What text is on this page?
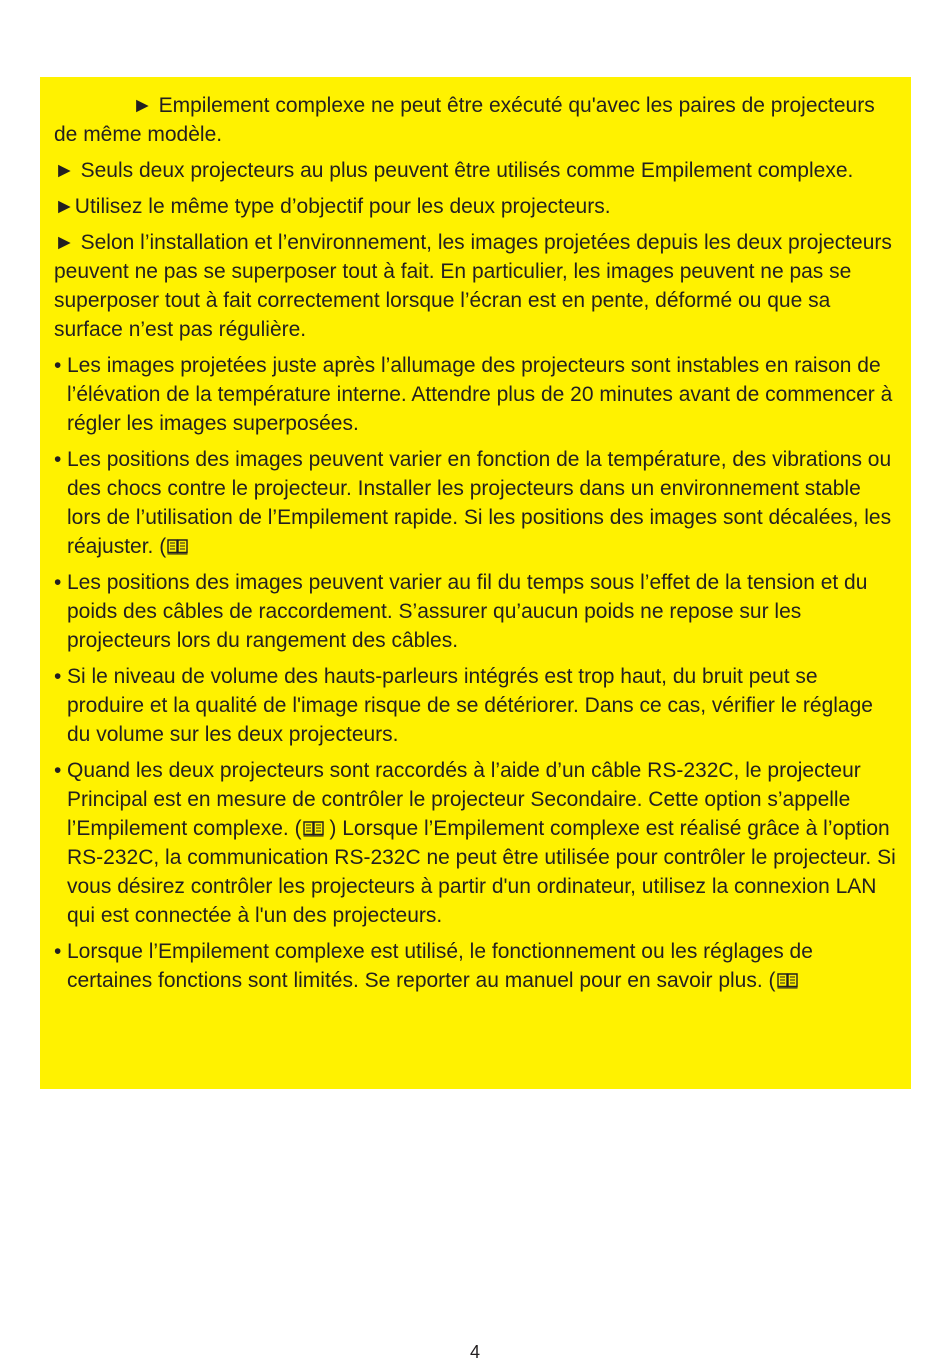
► Empilement complexe ne peut être exécuté qu'avec les paires de projecteurs de même modèle.

► Seuls deux projecteurs au plus peuvent être utilisés comme Empilement complexe.

►Utilisez le même type d’objectif pour les deux projecteurs.

► Selon l’installation et l’environnement, les images projetées depuis les deux projecteurs peuvent ne pas se superposer tout à fait. En particulier, les images peuvent ne pas se superposer tout à fait correctement lorsque l’écran est en pente, déformé ou que sa surface n’est pas régulière.

• Les images projetées juste après l’allumage des projecteurs sont instables en raison de l’élévation de la température interne. Attendre plus de 20 minutes avant de commencer à régler les images superposées.
• Les positions des images peuvent varier en fonction de la température, des vibrations ou des chocs contre le projecteur. Installer les projecteurs dans un environnement stable lors de l’utilisation de l’Empilement rapide. Si les positions des images sont décalées, les réajuster. (
• Les positions des images peuvent varier au fil du temps sous l’effet de la tension et du poids des câbles de raccordement. S’assurer qu’aucun poids ne repose sur les projecteurs lors du rangement des câbles.
• Si le niveau de volume des hauts-parleurs intégrés est trop haut, du bruit peut se produire et la qualité de l'image risque de se détériorer. Dans ce cas, vérifier le réglage du volume sur les deux projecteurs.
• Quand les deux projecteurs sont raccordés à l’aide d’un câble RS-232C, le projecteur Principal est en mesure de contrôler le projecteur Secondaire. Cette option s’appelle l’Empilement complexe. (
) Lorsque l’Empilement complexe est réalisé grâce à l’option RS-232C, la communication RS-232C ne peut être utilisée pour contrôler le projecteur. Si vous désirez contrôler les projecteurs à partir d'un ordinateur, utilisez la connexion LAN qui est connectée à l'un des projecteurs.
• Lorsque l’Empilement complexe est utilisé, le fonctionnement ou les réglages de certaines fonctions sont limités. Se reporter au manuel pour en savoir plus. (
4
